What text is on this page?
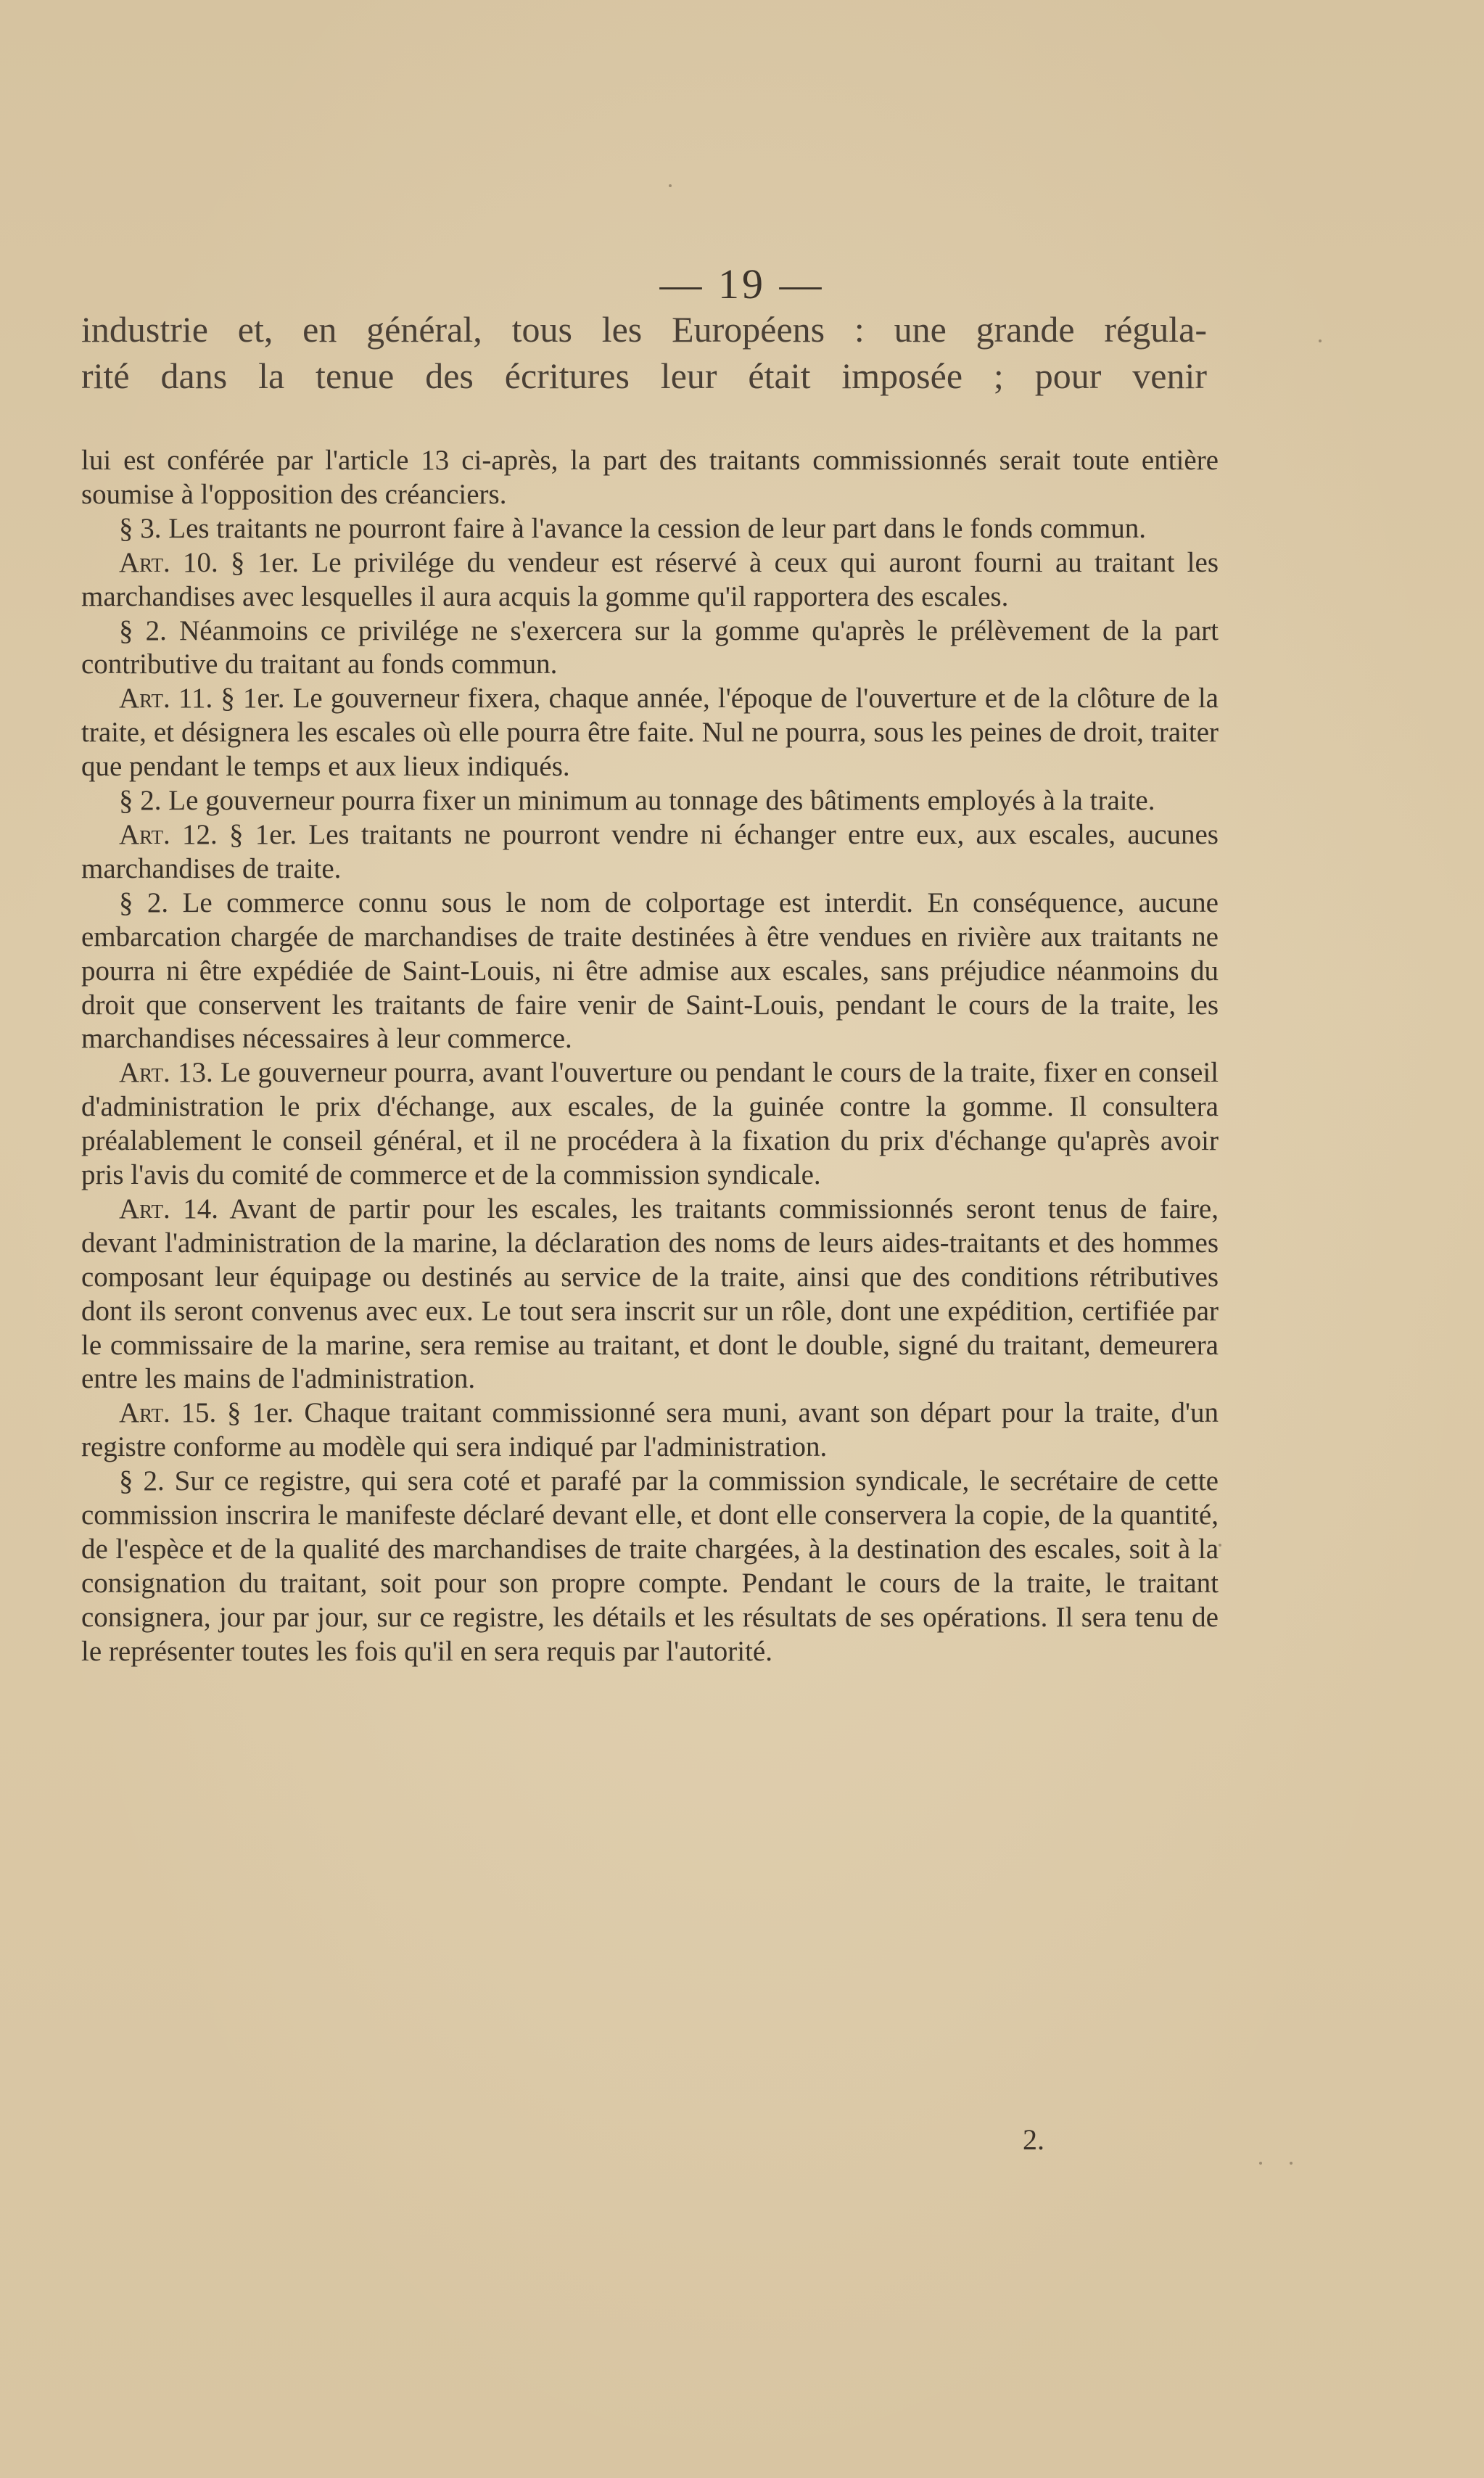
— 19 —
industrie et, en général, tous les Européens : une grande régula-
rité dans la tenue des écritures leur était imposée ; pour venir

lui est conférée par l'article 13 ci-après, la part des traitants commissionnés serait toute entière soumise à l'opposition des créanciers.

§ 3. Les traitants ne pourront faire à l'avance la cession de leur part dans le fonds commun.

Art. 10. § 1er. Le privilége du vendeur est réservé à ceux qui auront fourni au traitant les marchandises avec lesquelles il aura acquis la gomme qu'il rapportera des escales.

§ 2. Néanmoins ce privilége ne s'exercera sur la gomme qu'après le prélèvement de la part contributive du traitant au fonds commun.

Art. 11. § 1er. Le gouverneur fixera, chaque année, l'époque de l'ouverture et de la clôture de la traite, et désignera les escales où elle pourra être faite. Nul ne pourra, sous les peines de droit, traiter que pendant le temps et aux lieux indiqués.

§ 2. Le gouverneur pourra fixer un minimum au tonnage des bâtiments employés à la traite.

Art. 12. § 1er. Les traitants ne pourront vendre ni échanger entre eux, aux escales, aucunes marchandises de traite.

§ 2. Le commerce connu sous le nom de colportage est interdit. En conséquence, aucune embarcation chargée de marchandises de traite destinées à être vendues en rivière aux traitants ne pourra ni être expédiée de Saint-Louis, ni être admise aux escales, sans préjudice néanmoins du droit que conservent les traitants de faire venir de Saint-Louis, pendant le cours de la traite, les marchandises nécessaires à leur commerce.

Art. 13. Le gouverneur pourra, avant l'ouverture ou pendant le cours de la traite, fixer en conseil d'administration le prix d'échange, aux escales, de la guinée contre la gomme. Il consultera préalablement le conseil général, et il ne procédera à la fixation du prix d'échange qu'après avoir pris l'avis du comité de commerce et de la commission syndicale.

Art. 14. Avant de partir pour les escales, les traitants commissionnés seront tenus de faire, devant l'administration de la marine, la déclaration des noms de leurs aides-traitants et des hommes composant leur équipage ou destinés au service de la traite, ainsi que des conditions rétributives dont ils seront convenus avec eux. Le tout sera inscrit sur un rôle, dont une expédition, certifiée par le commissaire de la marine, sera remise au traitant, et dont le double, signé du traitant, demeurera entre les mains de l'administration.

Art. 15. § 1er. Chaque traitant commissionné sera muni, avant son départ pour la traite, d'un registre conforme au modèle qui sera indiqué par l'administration.

§ 2. Sur ce registre, qui sera coté et parafé par la commission syndicale, le secrétaire de cette commission inscrira le manifeste déclaré devant elle, et dont elle conservera la copie, de la quantité, de l'espèce et de la qualité des marchandises de traite chargées, à la destination des escales, soit à la consignation du traitant, soit pour son propre compte. Pendant le cours de la traite, le traitant consignera, jour par jour, sur ce registre, les détails et les résultats de ses opérations. Il sera tenu de le représenter toutes les fois qu'il en sera requis par l'autorité.

2.
